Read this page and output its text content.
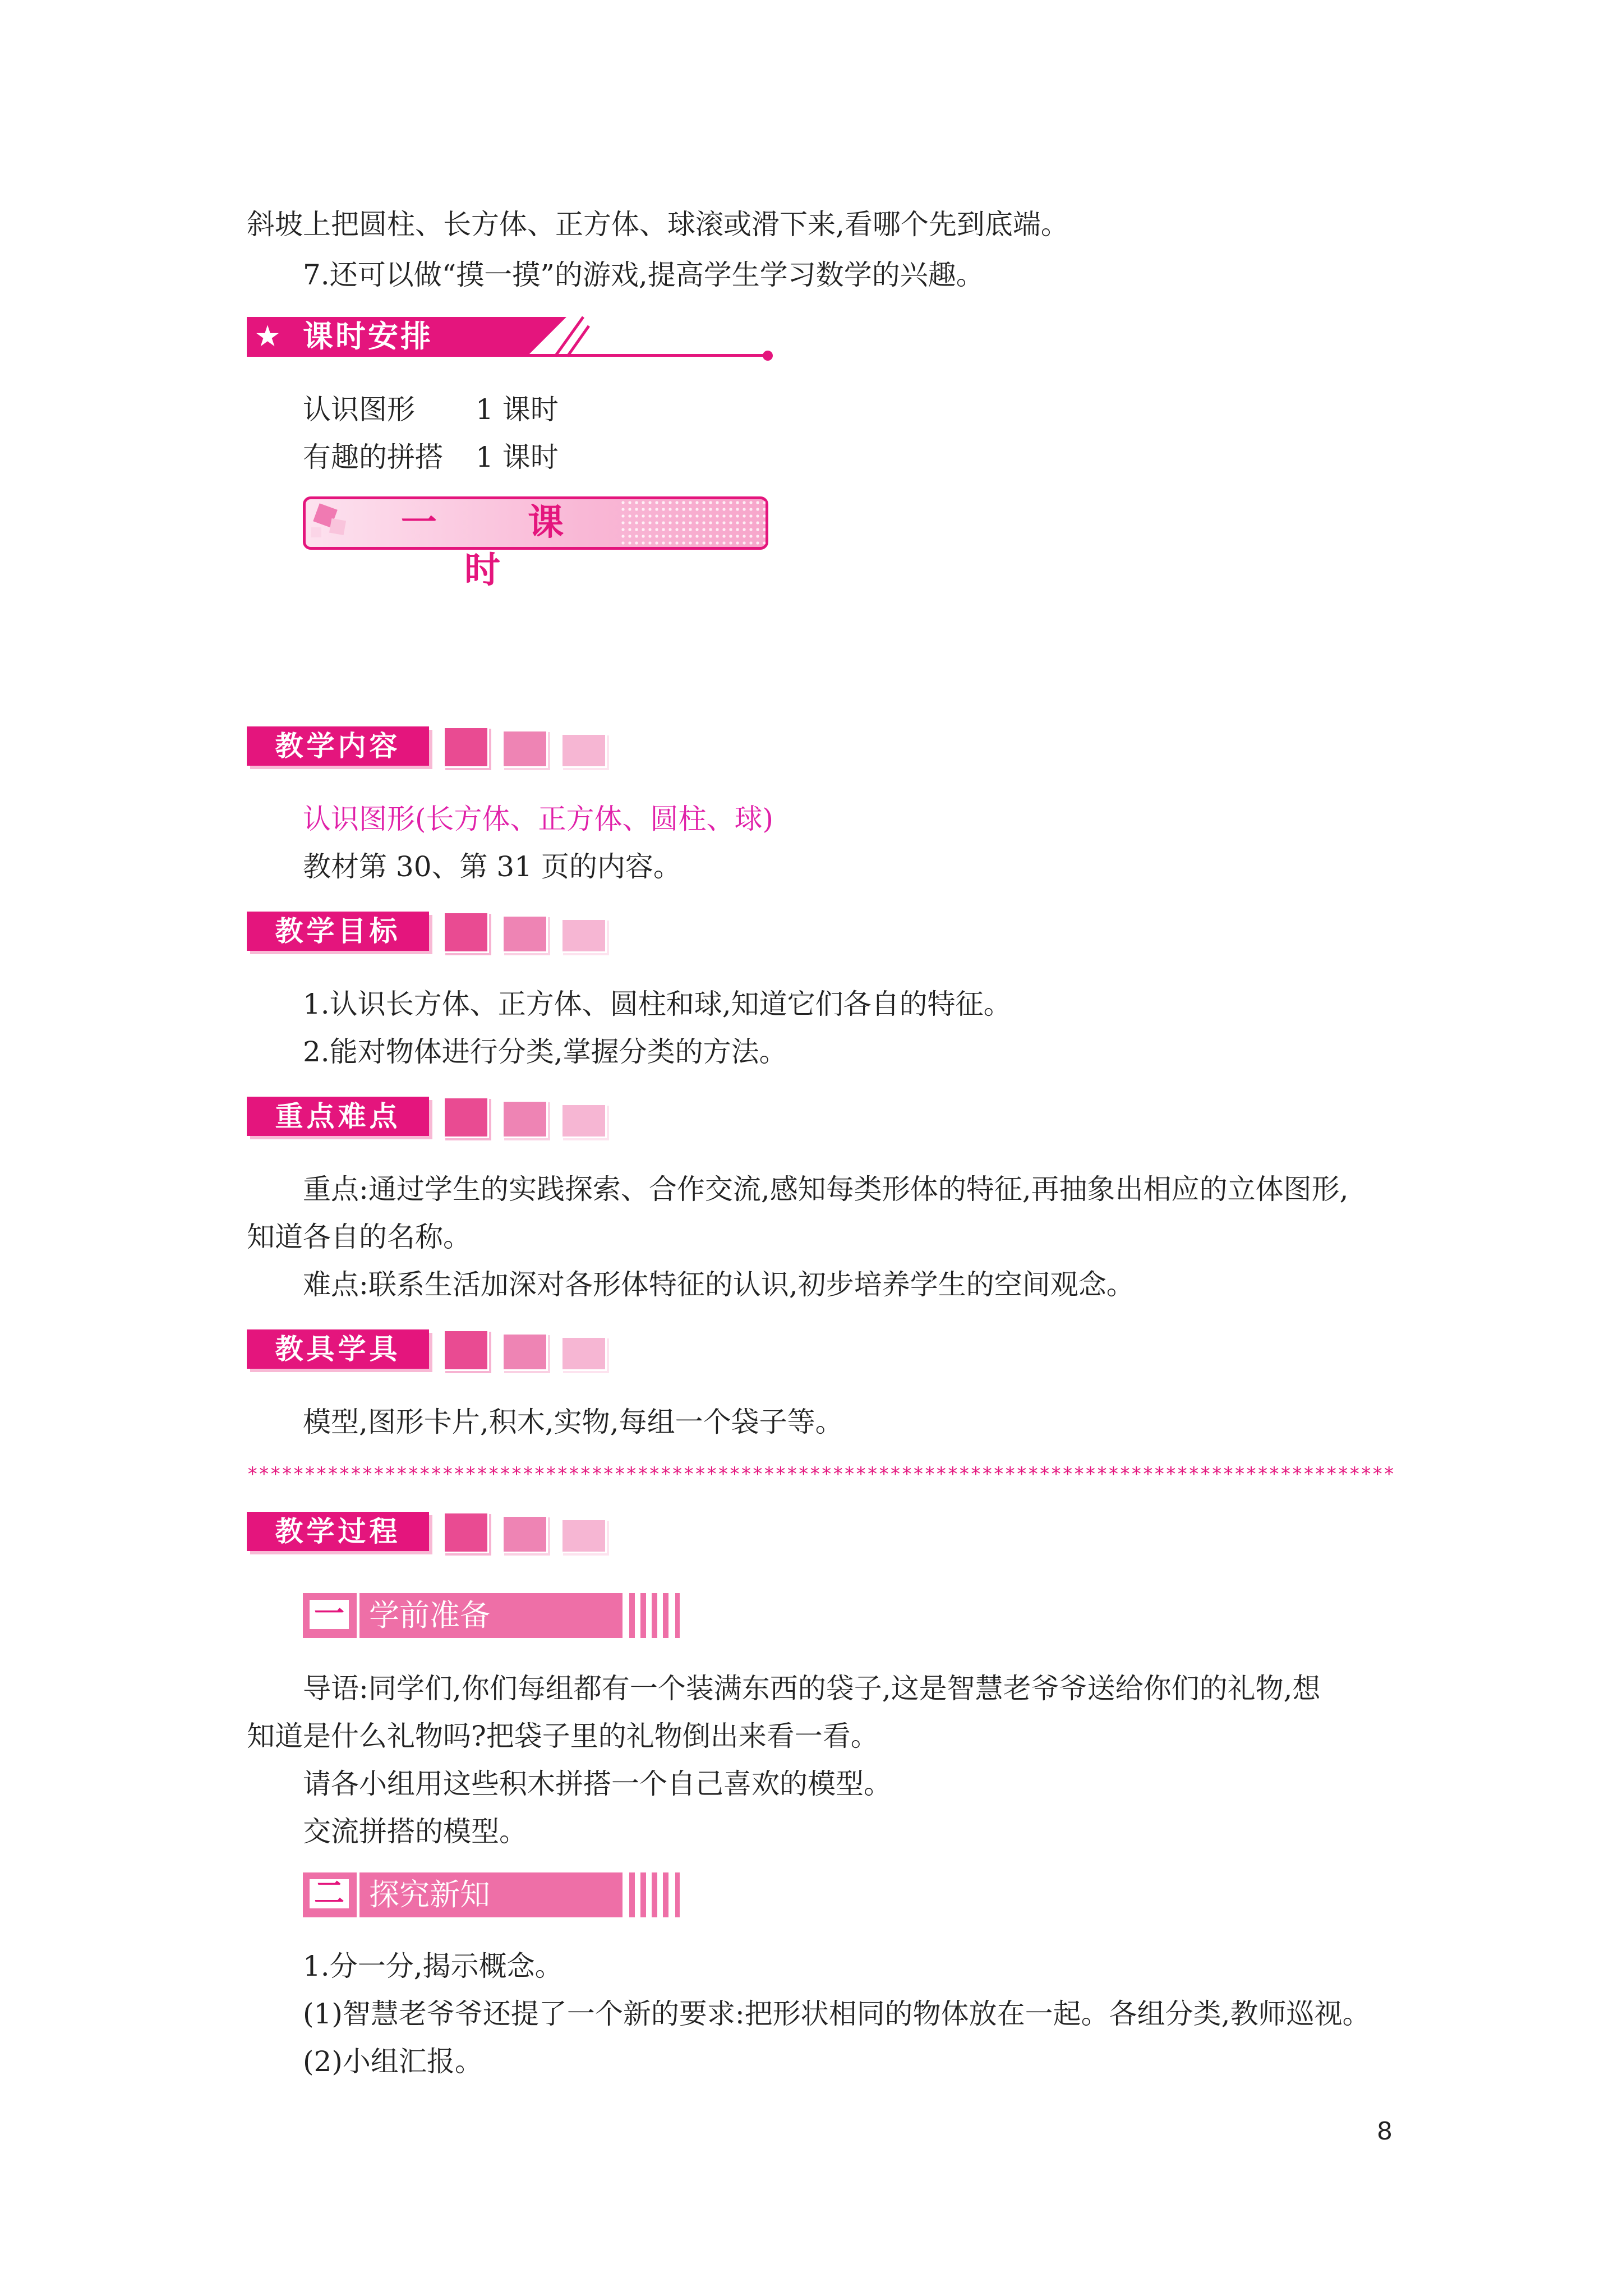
斜坡上把圆柱、长方体、正方体、球滚或滑下来,看哪个先到底端。
7.还可以做“摸一摸”的游戏,提高学生学习数学的兴趣。
★ 课时安排
认识图形 1 课时
有趣的拼搭 1 课时
一 课 时
教学内容
认识图形(长方体、正方体、圆柱、球)
教材第 30、第 31 页的内容。
教学目标
1.认识长方体、正方体、圆柱和球,知道它们各自的特征。
2.能对物体进行分类,掌握分类的方法。
重点难点
重点:通过学生的实践探索、合作交流,感知每类形体的特征,再抽象出相应的立体图形,
知道各自的名称。
难点:联系生活加深对各形体特征的认识,初步培养学生的空间观念。
教具学具
模型,图形卡片,积木,实物,每组一个袋子等。
****************************************************************************************************
教学过程
一 学前准备
导语:同学们,你们每组都有一个装满东西的袋子,这是智慧老爷爷送给你们的礼物,想
知道是什么礼物吗?把袋子里的礼物倒出来看一看。
请各小组用这些积木拼搭一个自己喜欢的模型。
交流拼搭的模型。
二 探究新知
1.分一分,揭示概念。
(1)智慧老爷爷还提了一个新的要求:把形状相同的物体放在一起。各组分类,教师巡视。
(2)小组汇报。
8
